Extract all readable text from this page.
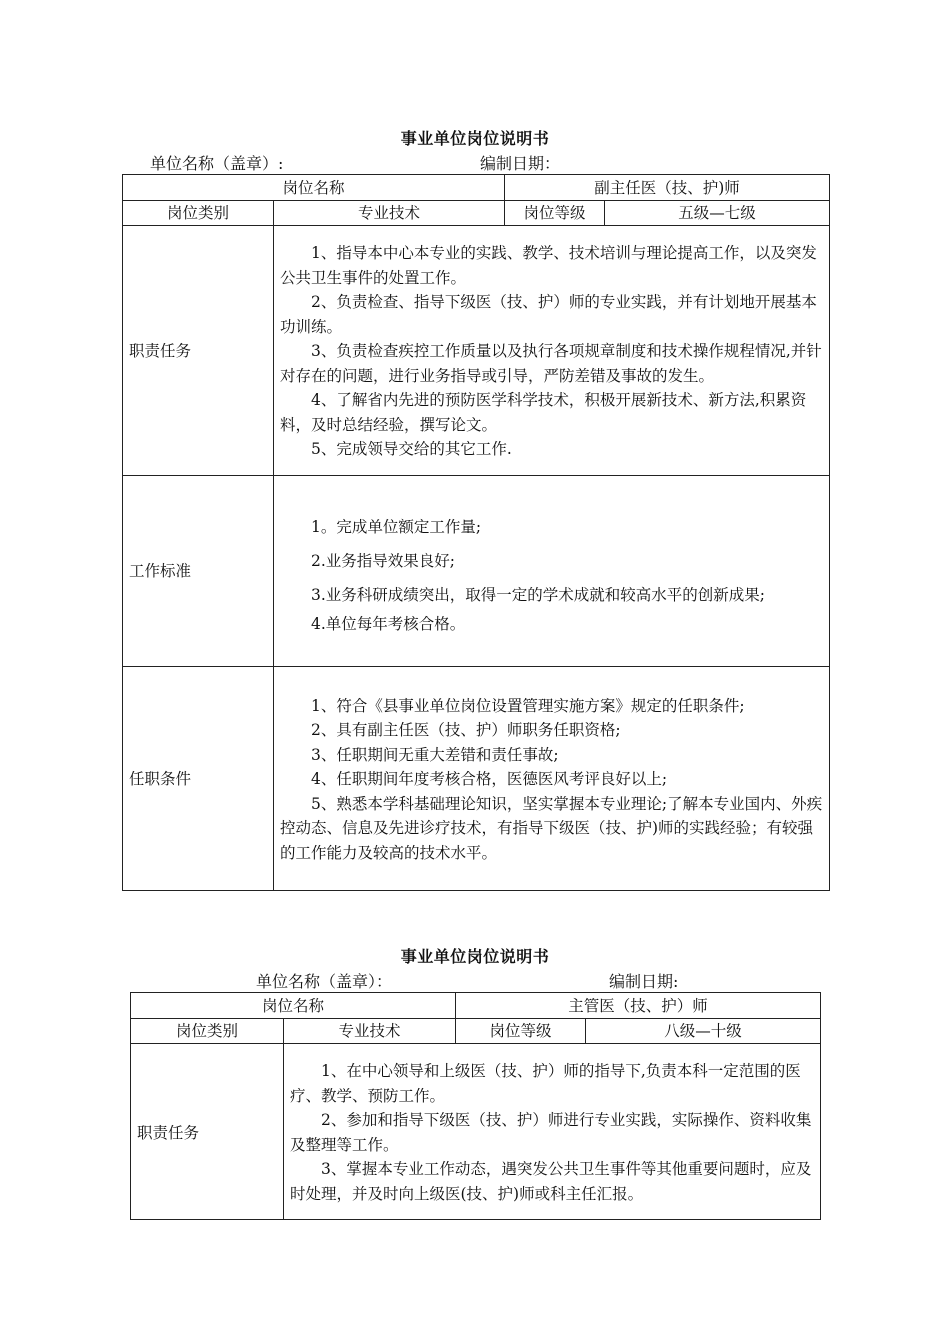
事业单位岗位说明书
单位名称（盖章）:	编制日期：
岗位名称		副主任医（技、护)师	
岗位类别	专业技术	岗位等级	五级—七级
职责任务	1、指导本中心本专业的实践、教学、技术培训与理论提高工作，以及突发公共卫生事件的处置工作。
2、负责检查、指导下级医（技、护）师的专业实践，并有计划地开展基本功训练。
3、负责检查疾控工作质量以及执行各项规章制度和技术操作规程情况,并针对存在的问题，进行业务指导或引导，严防差错及事故的发生。
4、了解省内先进的预防医学科学技术，积极开展新技术、新方法,积累资料，及时总结经验，撰写论文。
5、完成领导交给的其它工作.		

工作标准	1。完成单位额定工作量;
2.业务指导效果良好;
3.业务科研成绩突出，取得一定的学术成就和较高水平的创新成果;
4.单位每年考核合格。		

任职条件	1、符合《县事业单位岗位设置管理实施方案》规定的任职条件;
2、具有副主任医（技、护）师职务任职资格;
3、任职期间无重大差错和责任事故;
4、任职期间年度考核合格，医德医风考评良好以上;
5、熟悉本学科基础理论知识，坚实掌握本专业理论;了解本专业国内、外疾控动态、信息及先进诊疗技术，有指导下级医（技、护)师的实践经验；有较强的工作能力及较高的技术水平。		
事业单位岗位说明书
单位名称（盖章）：	编制日期:
岗位名称		主管医（技、护）师	
岗位类别	专业技术	岗位等级	八级—十级
职责任务	1、在中心领导和上级医（技、护）师的指导下,负责本科一定范围的医疗、教学、预防工作。
2、参加和指导下级医（技、护）师进行专业实践，实际操作、资料收集及整理等工作。
3、掌握本专业工作动态，遇突发公共卫生事件等其他重要问题时，应及时处理，并及时向上级医(技、护)师或科主任汇报。		
